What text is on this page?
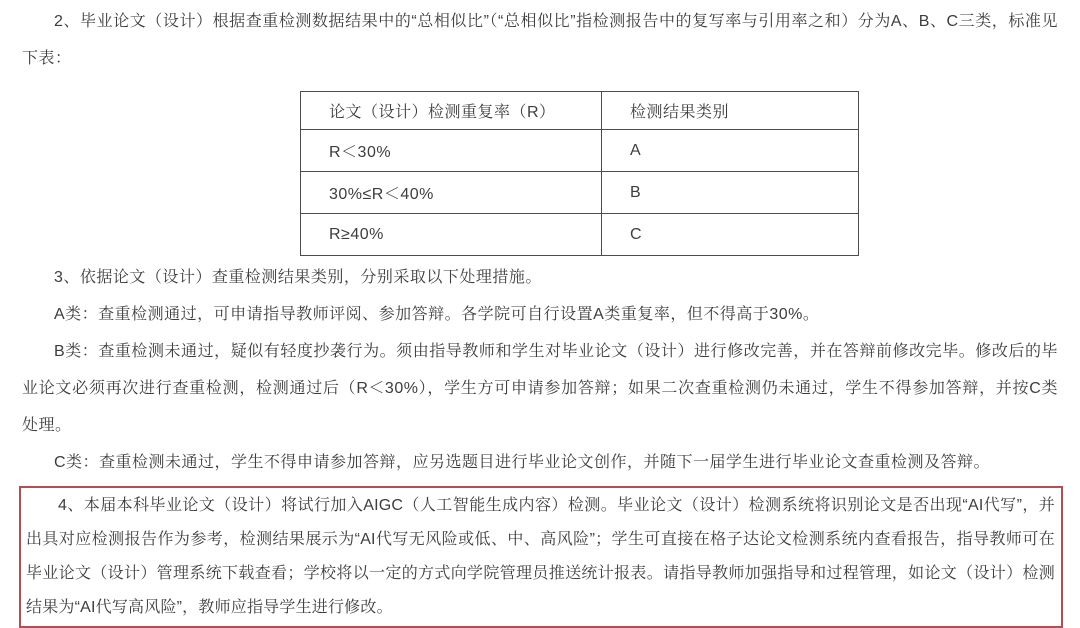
2、毕业论文（设计）根据查重检测数据结果中的“总相似比”（“总相似比”指检测报告中的复写率与引用率之和）分为A、B、C三类，标准见下表：

论文（设计）检测重复率（R）	检测结果类别
R＜30%	A
30%≤R＜40%	B
R≥40%	C

3、依据论文（设计）查重检测结果类别，分别采取以下处理措施。

A类：查重检测通过，可申请指导教师评阅、参加答辩。各学院可自行设置A类重复率，但不得高于30%。

B类：查重检测未通过，疑似有轻度抄袭行为。须由指导教师和学生对毕业论文（设计）进行修改完善，并在答辩前修改完毕。修改后的毕业论文必须再次进行查重检测，检测通过后（R＜30%），学生方可申请参加答辩；如果二次查重检测仍未通过，学生不得参加答辩，并按C类处理。

C类：查重检测未通过，学生不得申请参加答辩，应另选题目进行毕业论文创作，并随下一届学生进行毕业论文查重检测及答辩。

4、本届本科毕业论文（设计）将试行加入AIGC（人工智能生成内容）检测。毕业论文（设计）检测系统将识别论文是否出现“AI代写”，并出具对应检测报告作为参考，检测结果展示为“AI代写无风险或低、中、高风险”；学生可直接在格子达论文检测系统内查看报告，指导教师可在毕业论文（设计）管理系统下载查看；学校将以一定的方式向学院管理员推送统计报表。请指导教师加强指导和过程管理，如论文（设计）检测结果为“AI代写高风险”，教师应指导学生进行修改。
